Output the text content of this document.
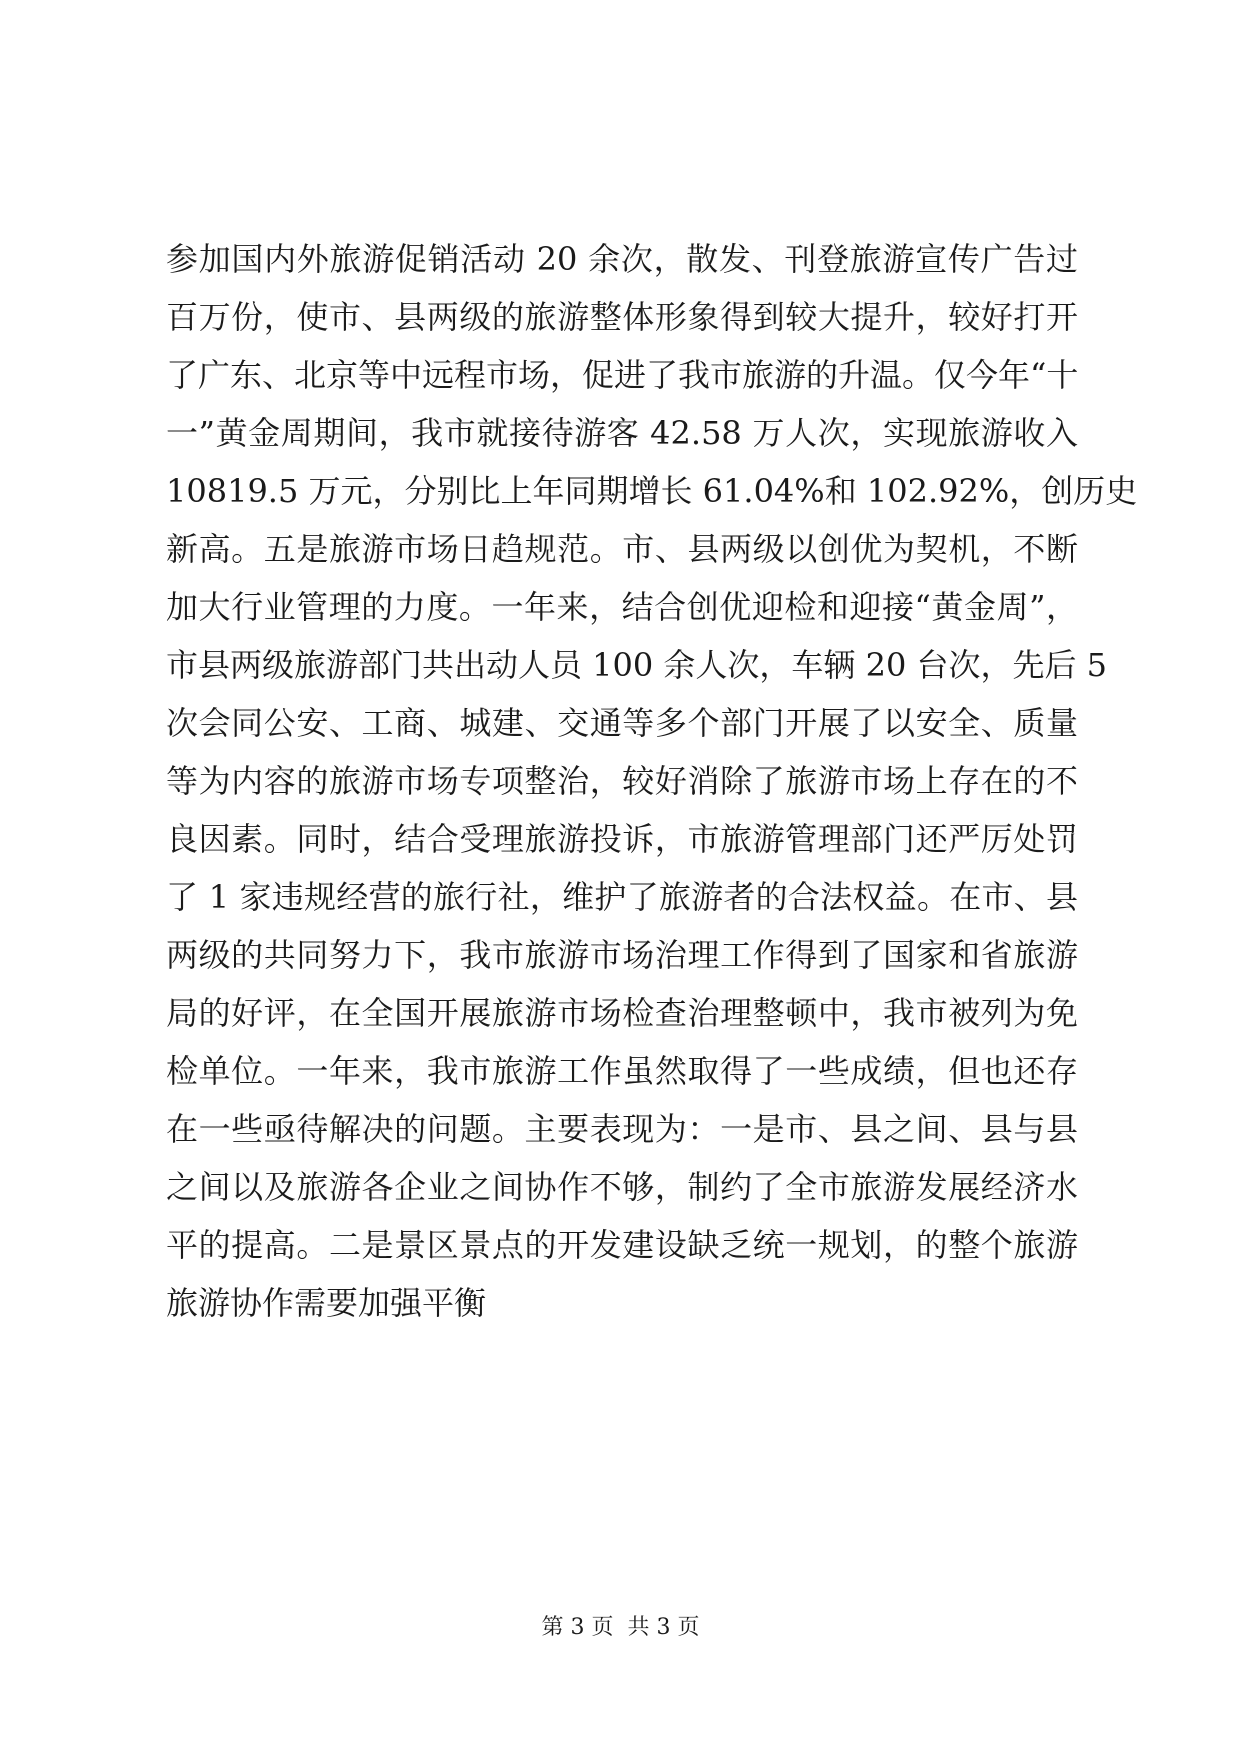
参加国内外旅游促销活动 20 余次，散发、刊登旅游宣传广告过
百万份，使市、县两级的旅游整体形象得到较大提升，较好打开
了广东、北京等中远程市场，促进了我市旅游的升温。仅今年“十
一”黄金周期间，我市就接待游客 42.58 万人次，实现旅游收入
10819.5 万元，分别比上年同期增长 61.04%和 102.92%，创历史
新高。五是旅游市场日趋规范。市、县两级以创优为契机，不断
加大行业管理的力度。一年来，结合创优迎检和迎接“黄金周”，
市县两级旅游部门共出动人员 100 余人次，车辆 20 台次，先后 5
次会同公安、工商、城建、交通等多个部门开展了以安全、质量
等为内容的旅游市场专项整治，较好消除了旅游市场上存在的不
良因素。同时，结合受理旅游投诉，市旅游管理部门还严厉处罚
了 1 家违规经营的旅行社，维护了旅游者的合法权益。在市、县
两级的共同努力下，我市旅游市场治理工作得到了国家和省旅游
局的好评，在全国开展旅游市场检查治理整顿中，我市被列为免
检单位。一年来，我市旅游工作虽然取得了一些成绩，但也还存
在一些亟待解决的问题。主要表现为：一是市、县之间、县与县
之间以及旅游各企业之间协作不够，制约了全市旅游发展经济水
平的提高。二是景区景点的开发建设缺乏统一规划，的整个旅游
旅游协作需要加强平衡
第 3 页 共 3 页
